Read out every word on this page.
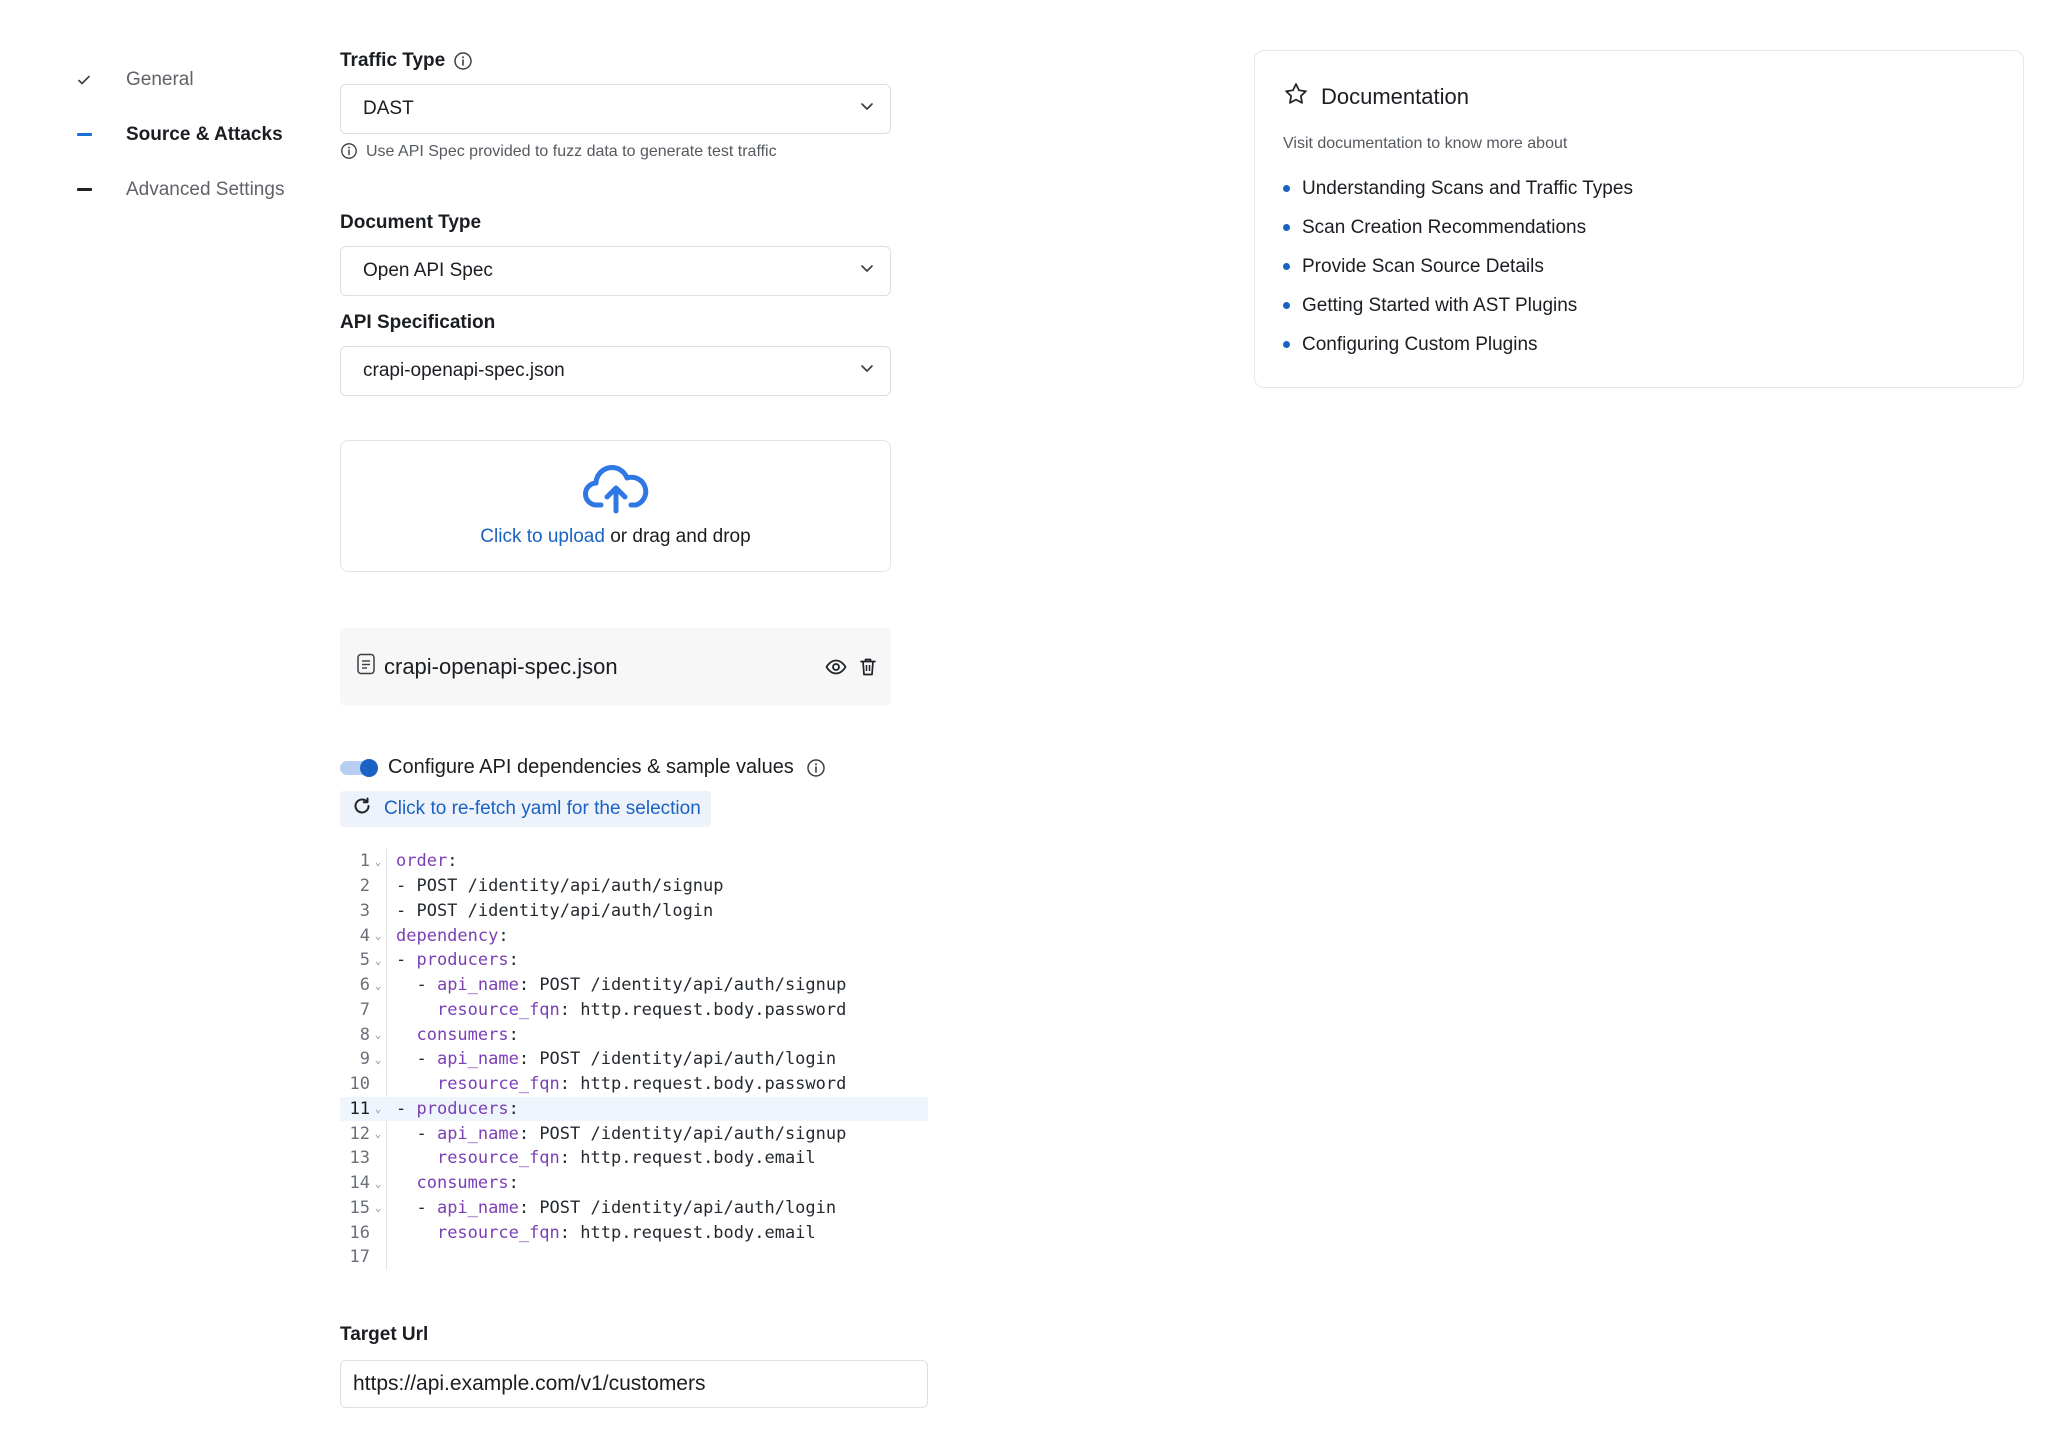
General
Source & Attacks
Advanced Settings
Traffic Type
DAST
Use API Spec provided to fuzz data to generate test traffic
Document Type
Open API Spec
API Specification
crapi-openapi-spec.json
Click to upload or drag and drop
crapi-openapi-spec.json
Configure API dependencies & sample values
Click to re-fetch yaml for the selection
1 ⌄ order:
2	- POST /identity/api/auth/signup
3	- POST /identity/api/auth/login
4 ⌄ dependency:
5 ⌄ - producers:
6 ⌄ - api_name: POST /identity/api/auth/signup
7	resource_fqn: http.request.body.password
8 ⌄	consumers:
9 ⌄ - api_name: POST /identity/api/auth/login
10	resource_fqn: http.request.body.password
11 ⌄ - producers:
12 ⌄ - api_name: POST /identity/api/auth/signup
13	resource_fqn: http.request.body.email
14 ⌄	consumers:
15 ⌄ - api_name: POST /identity/api/auth/login
16	resource_fqn: http.request.body.email
17
Target Url
https://api.example.com/v1/customers
Documentation
Visit documentation to know more about
Understanding Scans and Traffic Types
Scan Creation Recommendations
Provide Scan Source Details
Getting Started with AST Plugins
Configuring Custom Plugins
